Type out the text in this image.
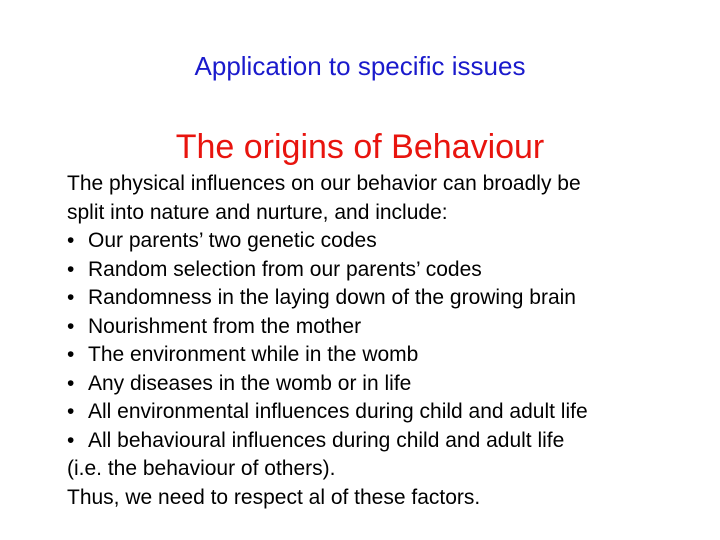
Application to specific issues
The origins of Behaviour
The physical influences on our behavior can broadly be
split into nature and nurture, and include:
• Our parents’ two genetic codes
• Random selection from our parents’ codes
• Randomness in the laying down of the growing brain
• Nourishment from the mother
• The environment while in the womb
• Any diseases in the womb or in life
• All environmental influences during child and adult life
• All behavioural influences during child and adult life
(i.e. the behaviour of others).
Thus, we need to respect al of these factors.
